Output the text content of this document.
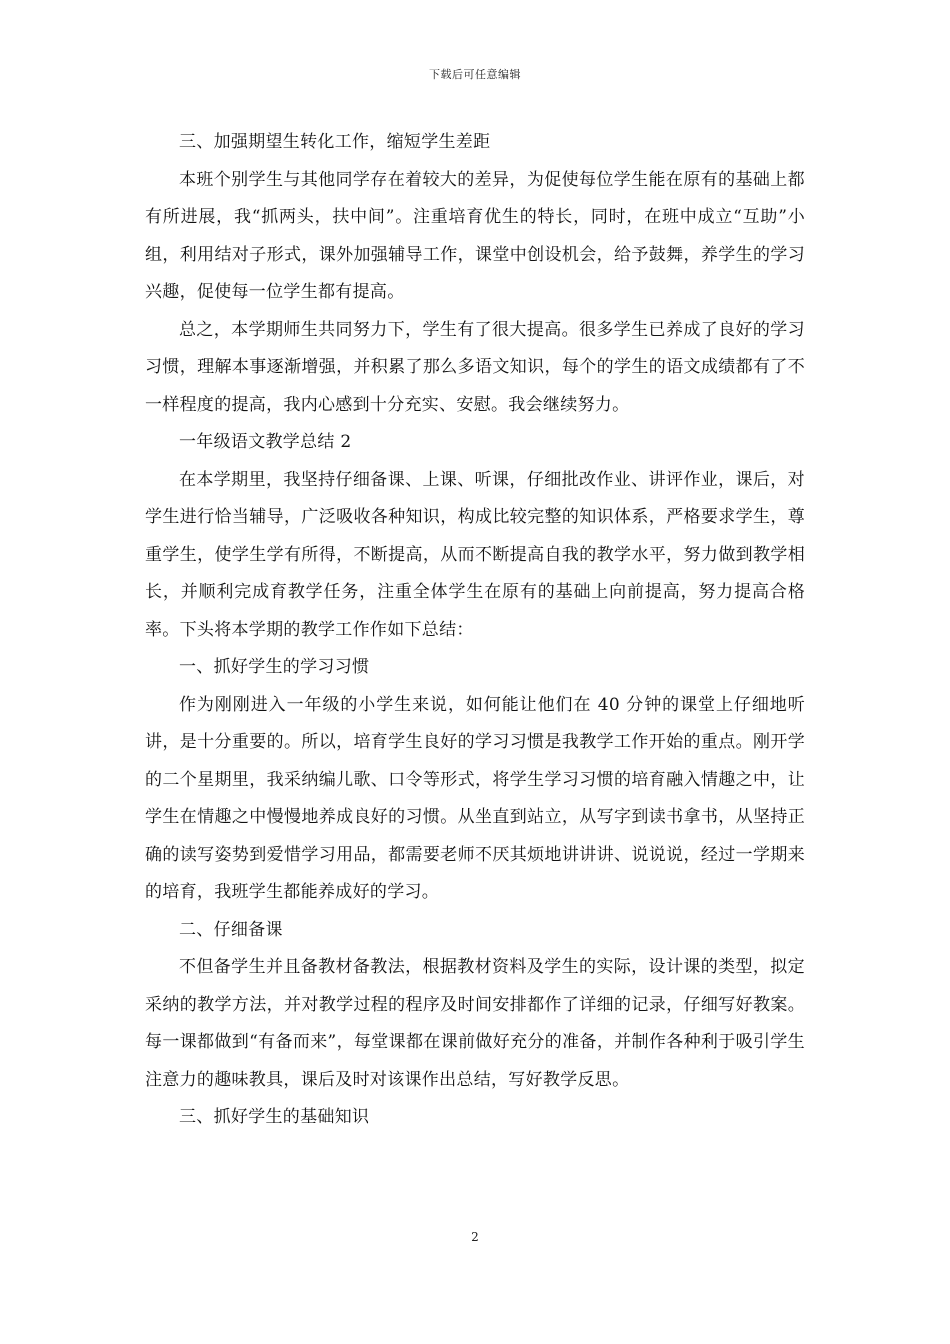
下载后可任意编辑

三、加强期望生转化工作，缩短学生差距

本班个别学生与其他同学存在着较大的差异，为促使每位学生能在原有的基础上都有所进展，我“抓两头，扶中间”。注重培育优生的特长，同时，在班中成立“互助”小组，利用结对子形式，课外加强辅导工作，课堂中创设机会，给予鼓舞，养学生的学习兴趣，促使每一位学生都有提高。

总之，本学期师生共同努力下，学生有了很大提高。很多学生已养成了良好的学习习惯，理解本事逐渐增强，并积累了那么多语文知识，每个的学生的语文成绩都有了不一样程度的提高，我内心感到十分充实、安慰。我会继续努力。

一年级语文教学总结 2

在本学期里，我坚持仔细备课、上课、听课，仔细批改作业、讲评作业，课后，对学生进行恰当辅导，广泛吸收各种知识，构成比较完整的知识体系，严格要求学生，尊重学生，使学生学有所得，不断提高，从而不断提高自我的教学水平，努力做到教学相长，并顺利完成育教学任务，注重全体学生在原有的基础上向前提高，努力提高合格率。下头将本学期的教学工作作如下总结：

一、抓好学生的学习习惯

作为刚刚进入一年级的小学生来说，如何能让他们在 40 分钟的课堂上仔细地听讲，是十分重要的。所以，培育学生良好的学习习惯是我教学工作开始的重点。刚开学的二个星期里，我采纳编儿歌、口令等形式，将学生学习习惯的培育融入情趣之中，让学生在情趣之中慢慢地养成良好的习惯。从坐直到站立，从写字到读书拿书，从坚持正确的读写姿势到爱惜学习用品，都需要老师不厌其烦地讲讲讲、说说说，经过一学期来的培育，我班学生都能养成好的学习。

二、仔细备课

不但备学生并且备教材备教法，根据教材资料及学生的实际，设计课的类型，拟定采纳的教学方法，并对教学过程的程序及时间安排都作了详细的记录，仔细写好教案。每一课都做到“有备而来”，每堂课都在课前做好充分的准备，并制作各种利于吸引学生注意力的趣味教具，课后及时对该课作出总结，写好教学反思。

三、抓好学生的基础知识

2
